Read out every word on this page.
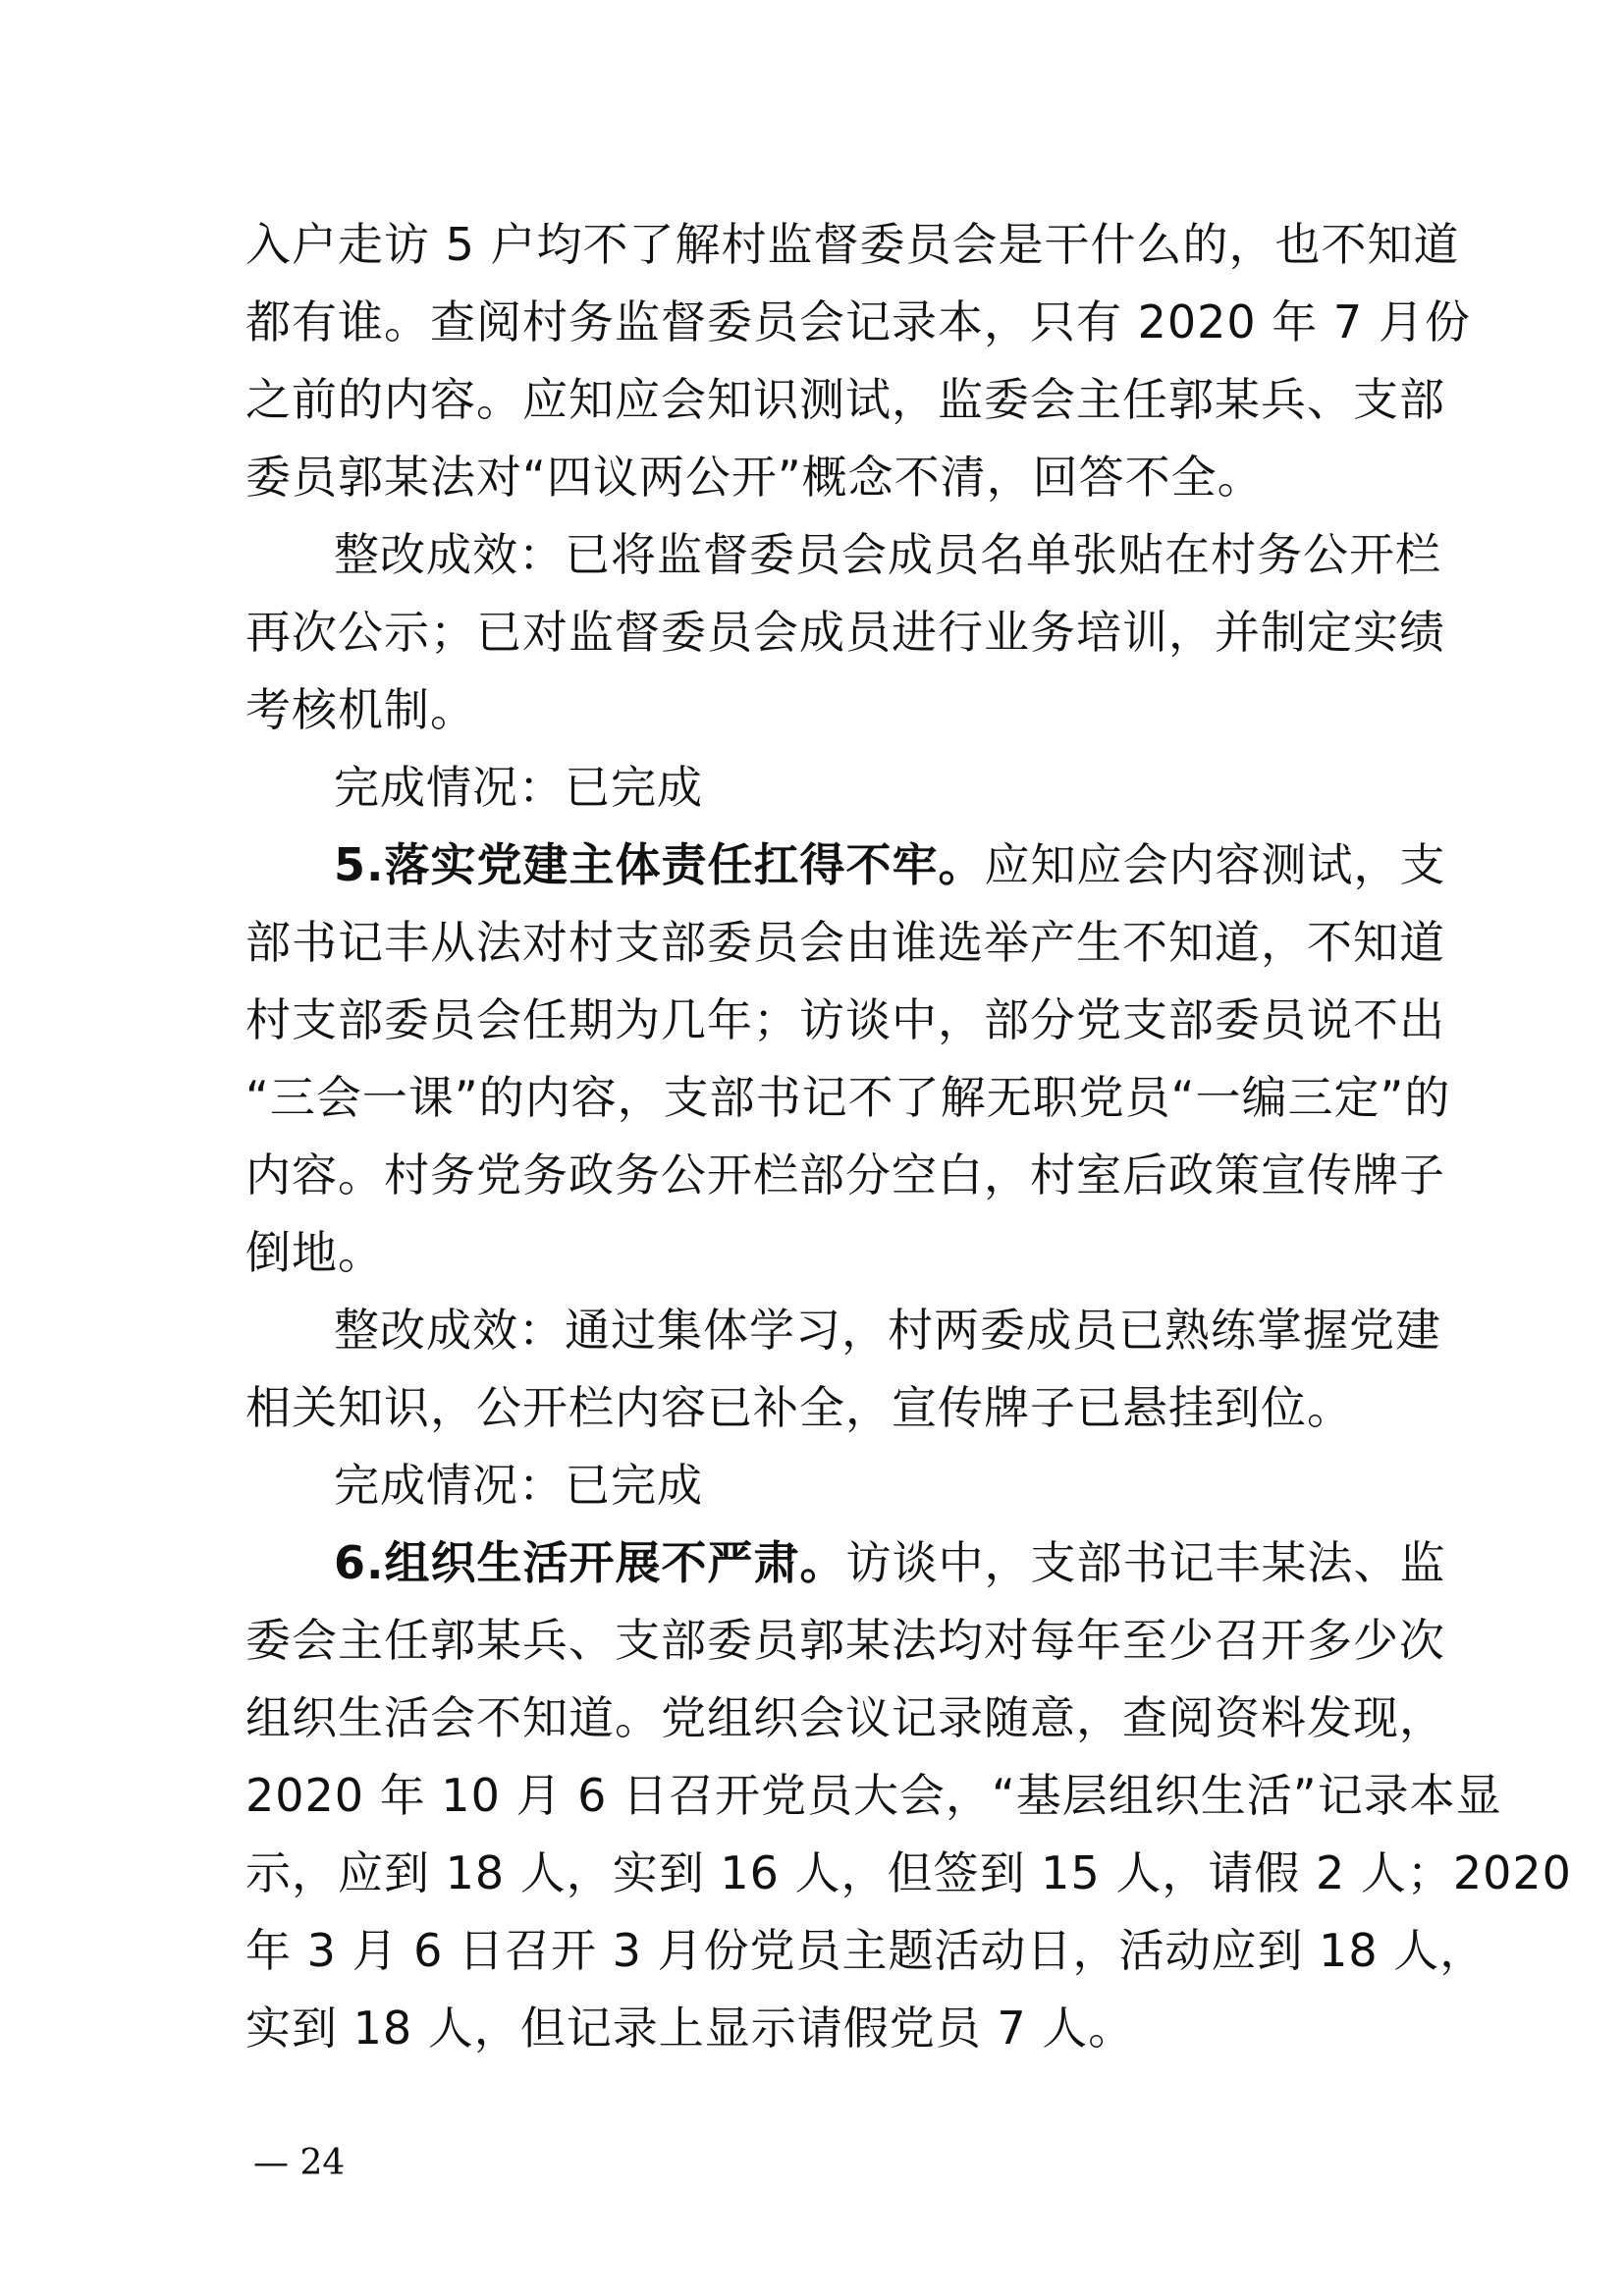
入户走访 5 户均不了解村监督委员会是干什么的，也不知道
都有谁。查阅村务监督委员会记录本，只有 2020 年 7 月份
之前的内容。应知应会知识测试，监委会主任郭某兵、支部
委员郭某法对“四议两公开”概念不清，回答不全。
整改成效：已将监督委员会成员名单张贴在村务公开栏
再次公示；已对监督委员会成员进行业务培训，并制定实绩
考核机制。
完成情况：已完成
5.落实党建主体责任扛得不牢。应知应会内容测试，支
部书记丰从法对村支部委员会由谁选举产生不知道，不知道
村支部委员会任期为几年；访谈中，部分党支部委员说不出
“三会一课”的内容，支部书记不了解无职党员“一编三定”的
内容。村务党务政务公开栏部分空白，村室后政策宣传牌子
倒地。
整改成效：通过集体学习，村两委成员已熟练掌握党建
相关知识，公开栏内容已补全，宣传牌子已悬挂到位。
完成情况：已完成
6.组织生活开展不严肃。访谈中，支部书记丰某法、监
委会主任郭某兵、支部委员郭某法均对每年至少召开多少次
组织生活会不知道。党组织会议记录随意，查阅资料发现，
2020 年 10 月 6 日召开党员大会，“基层组织生活”记录本显
示，应到 18 人，实到 16 人，但签到 15 人，请假 2 人；2020
年 3 月 6 日召开 3 月份党员主题活动日，活动应到 18 人，
实到 18 人，但记录上显示请假党员 7 人。
— 24
